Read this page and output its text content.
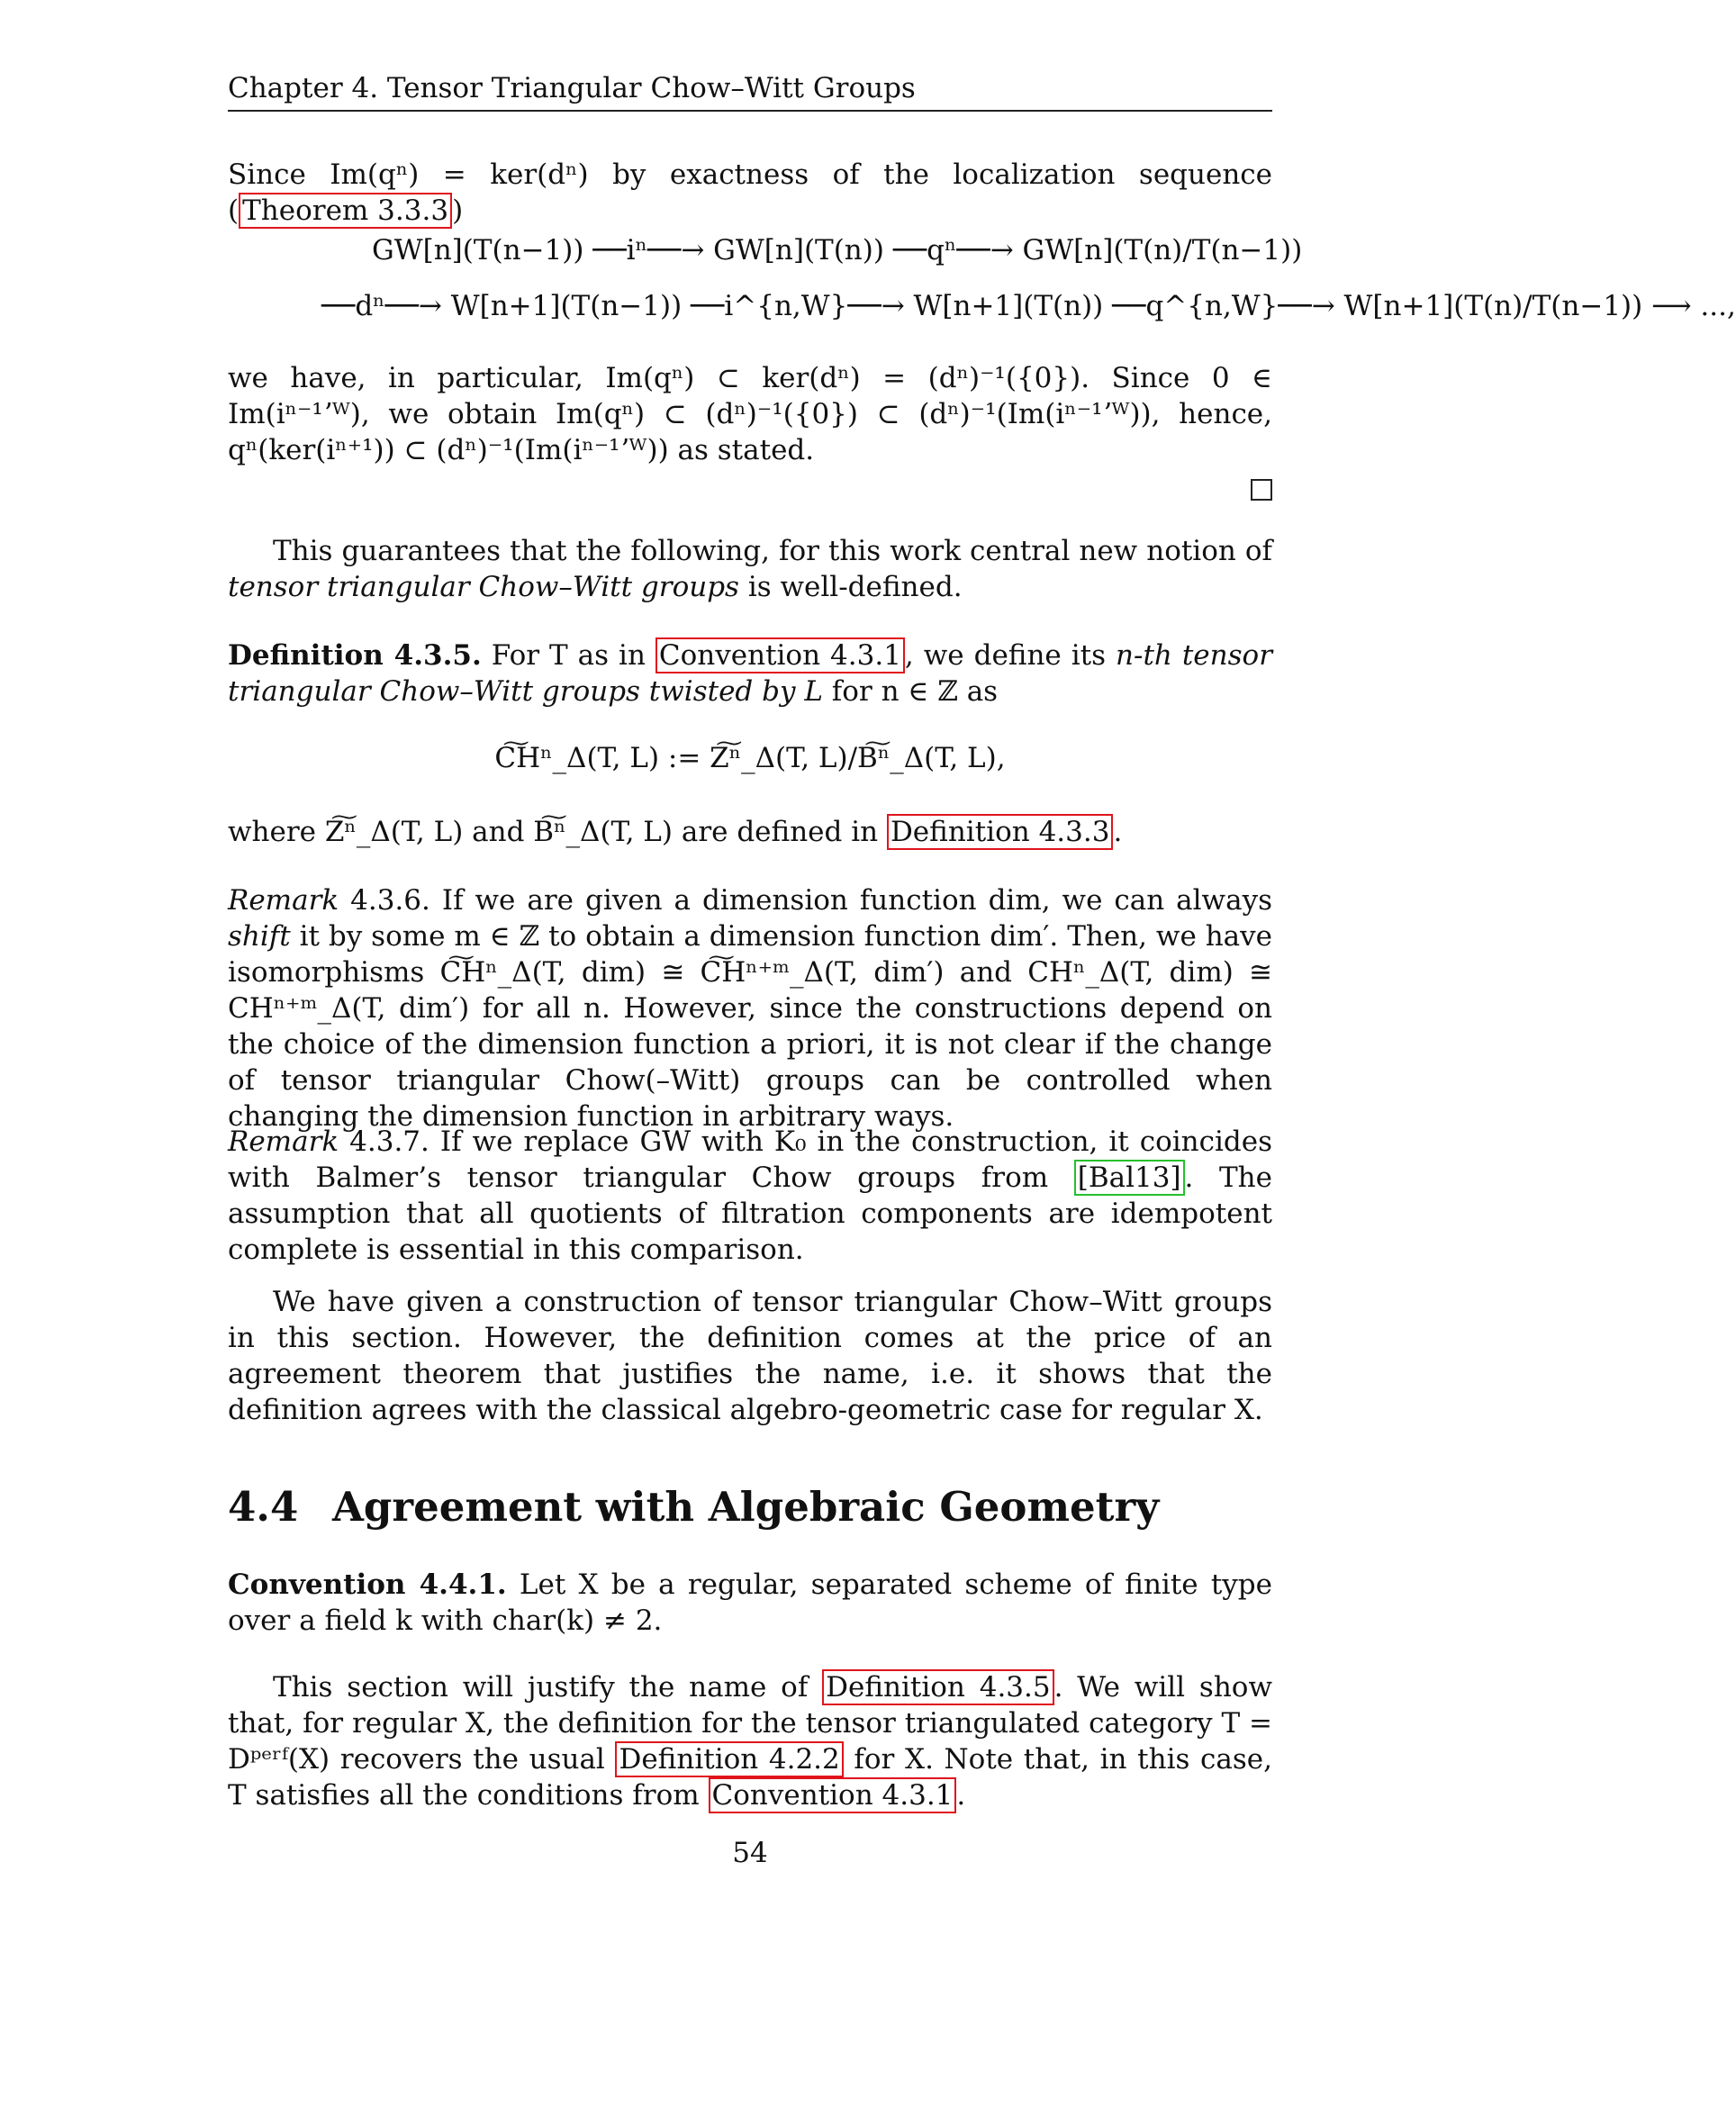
Chapter 4. Tensor Triangular Chow–Witt Groups

Since Im(qⁿ) = ker(dⁿ) by exactness of the localization sequence ( Theorem 3.3.3 )

GW[n](T(n−1)) ──iⁿ──→ GW[n](T(n)) ──qⁿ──→ GW[n](T(n)/T(n−1))
──dⁿ──→ W[n+1](T(n−1)) ──i^{n,W}──→ W[n+1](T(n)) ──q^{n,W}──→ W[n+1](T(n)/T(n−1)) ⟶ ...,

we have, in particular, Im(qⁿ) ⊂ ker(dⁿ) = (dⁿ)⁻¹({0}). Since 0 ∈ Im(iⁿ⁻¹ʼᵂ), we obtain Im(qⁿ) ⊂ (dⁿ)⁻¹({0}) ⊂ (dⁿ)⁻¹(Im(iⁿ⁻¹ʼᵂ)), hence, qⁿ(ker(iⁿ⁺¹)) ⊂ (dⁿ)⁻¹(Im(iⁿ⁻¹ʼᵂ)) as stated.

This guarantees that the following, for this work central new notion of tensor triangular Chow–Witt groups is well-defined.

Definition 4.3.5. For T as in Convention 4.3.1 , we define its n-th tensor triangular Chow–Witt groups twisted by L for n ∈ ℤ as

C͠Hⁿ_Δ(T, L) := Z͠ⁿ_Δ(T, L)/B͠ⁿ_Δ(T, L),

where Z͠ⁿ_Δ(T, L) and B͠ⁿ_Δ(T, L) are defined in Definition 4.3.3 .

Remark 4.3.6. If we are given a dimension function dim, we can always shift it by some m ∈ ℤ to obtain a dimension function dim′. Then, we have isomorphisms C͠Hⁿ_Δ(T, dim) ≅ C͠Hⁿ⁺ᵐ_Δ(T, dim′) and CHⁿ_Δ(T, dim) ≅ CHⁿ⁺ᵐ_Δ(T, dim′) for all n. However, since the constructions depend on the choice of the dimension function a priori, it is not clear if the change of tensor triangular Chow(–Witt) groups can be controlled when changing the dimension function in arbitrary ways.

Remark 4.3.7. If we replace GW with K₀ in the construction, it coincides with Balmer’s tensor triangular Chow groups from [Bal13] . The assumption that all quotients of filtration components are idempotent complete is essential in this comparison.

We have given a construction of tensor triangular Chow–Witt groups in this section. However, the definition comes at the price of an agreement theorem that justifies the name, i.e. it shows that the definition agrees with the classical algebro-geometric case for regular X.

4.4 Agreement with Algebraic Geometry

Convention 4.4.1. Let X be a regular, separated scheme of finite type over a field k with char(k) ≠ 2.

This section will justify the name of Definition 4.3.5 . We will show that, for regular X, the definition for the tensor triangulated category T = Dᵖᵉʳᶠ(X) recovers the usual Definition 4.2.2 for X. Note that, in this case, T satisfies all the conditions from Convention 4.3.1 .

54
